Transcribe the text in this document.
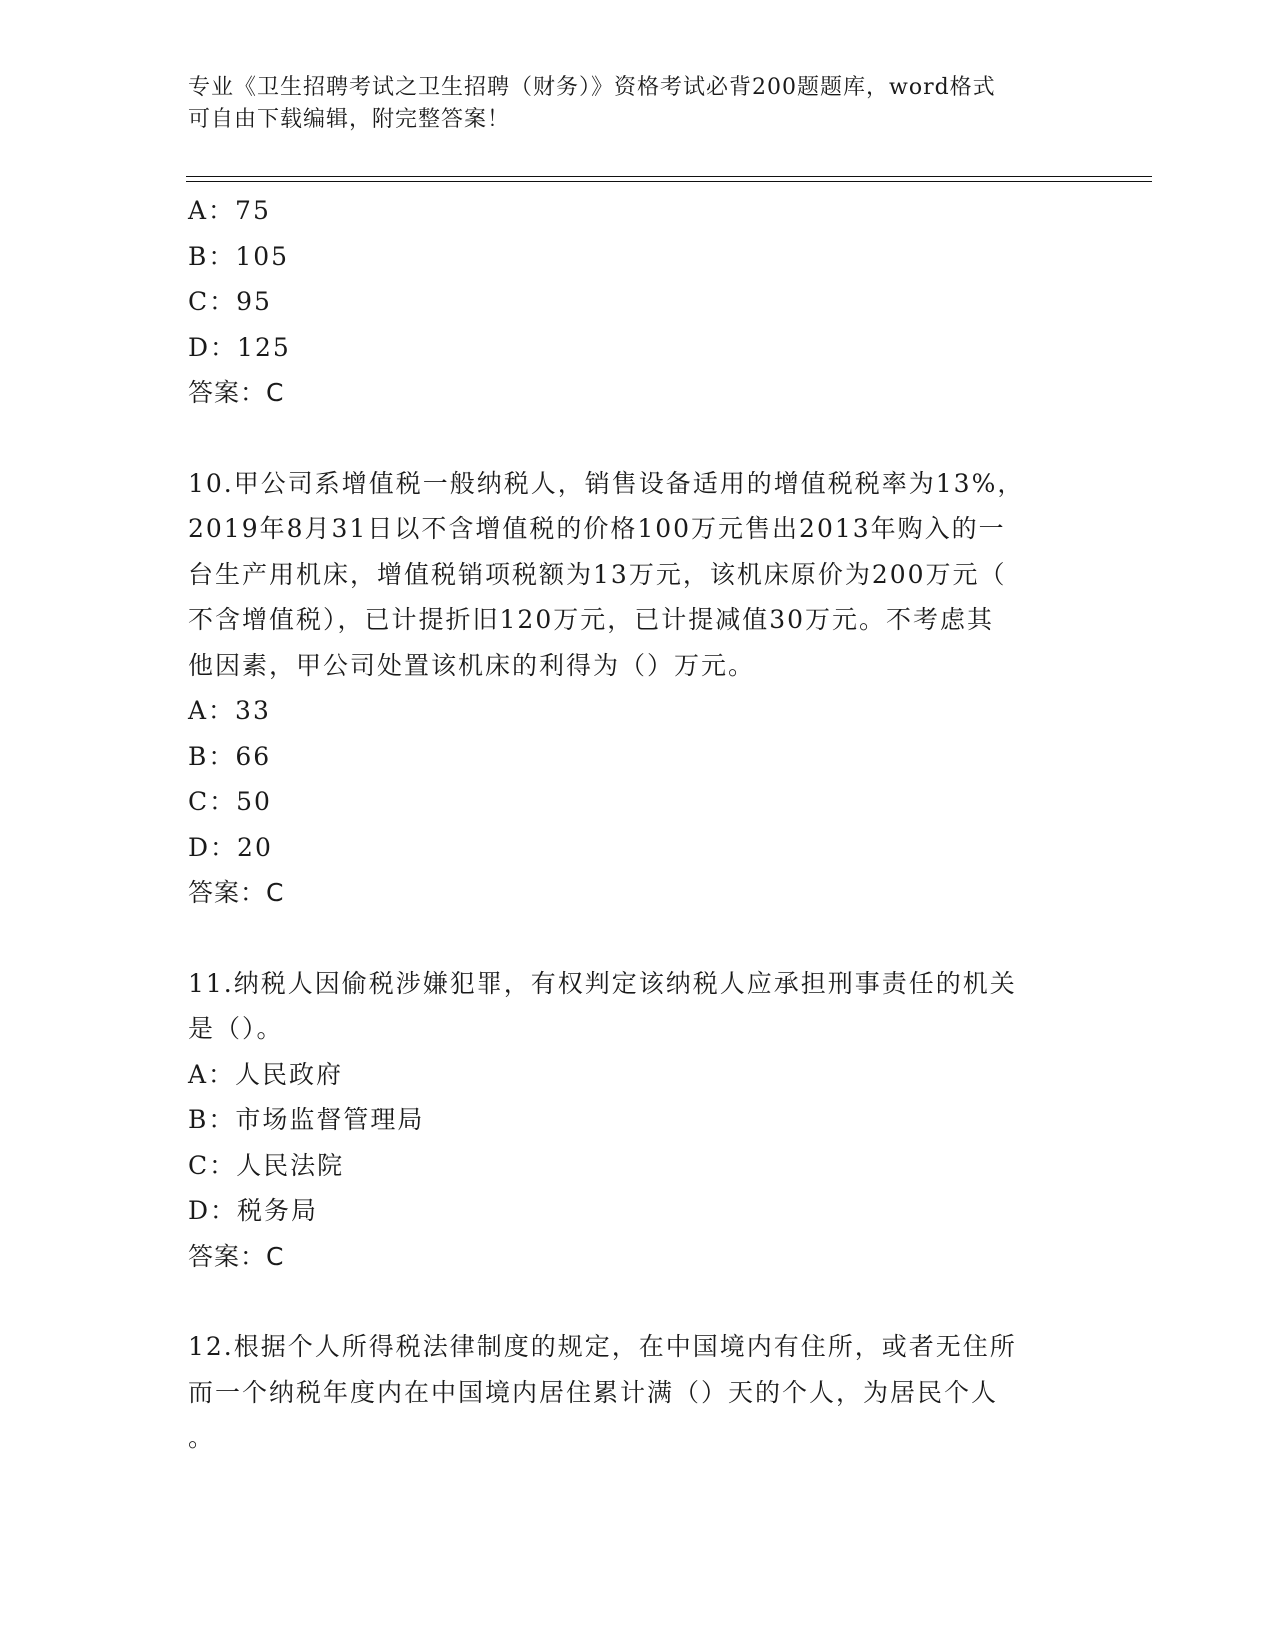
专业《卫生招聘考试之卫生招聘（财务）》资格考试必背200题题库，word格式
可自由下载编辑，附完整答案！
A：75
B：105
C：95
D：125
答案：C
10.甲公司系增值税一般纳税人，销售设备适用的增值税税率为13%，
2019年8月31日以不含增值税的价格100万元售出2013年购入的一
台生产用机床，增值税销项税额为13万元，该机床原价为200万元（
不含增值税），已计提折旧120万元，已计提减值30万元。不考虑其
他因素，甲公司处置该机床的利得为（）万元。
A：33
B：66
C：50
D：20
答案：C
11.纳税人因偷税涉嫌犯罪，有权判定该纳税人应承担刑事责任的机关
是（）。
A：人民政府
B：市场监督管理局
C：人民法院
D：税务局
答案：C
12.根据个人所得税法律制度的规定，在中国境内有住所，或者无住所
而一个纳税年度内在中国境内居住累计满（）天的个人，为居民个人
。
